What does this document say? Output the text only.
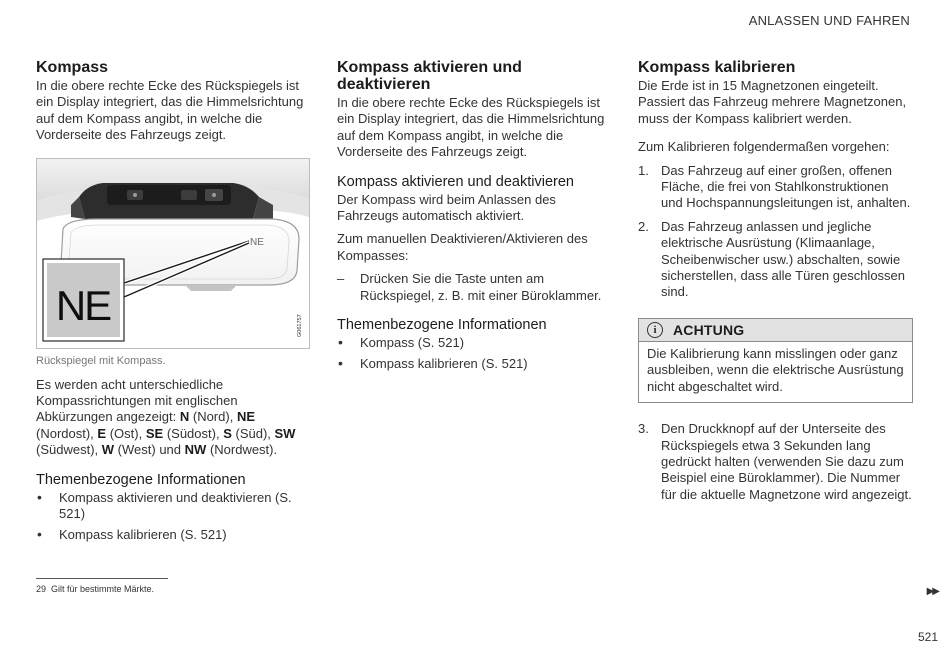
ANLASSEN UND FAHREN
Kompass

In die obere rechte Ecke des Rückspiegels ist ein Display integriert, das die Himmelsrichtung auf dem Kompass angibt, in welche die Vorderseite des Fahrzeugs zeigt.

NE
NE	G061757
Rückspiegel mit Kompass.

Es werden acht unterschiedliche Kompassrichtungen mit englischen Abkürzungen angezeigt: N (Nord), NE (Nordost), E (Ost), SE (Südost), S (Süd), SW (Südwest), W (West) und NW (Nordwest).

Themenbezogene Informationen
• Kompass aktivieren und deaktivieren (S. 521)
• Kompass kalibrieren (S. 521)
Kompass aktivieren und deaktivieren

In die obere rechte Ecke des Rückspiegels ist ein Display integriert, das die Himmelsrichtung auf dem Kompass angibt, in welche die Vorderseite des Fahrzeugs zeigt.

Kompass aktivieren und deaktivieren

Der Kompass wird beim Anlassen des Fahrzeugs automatisch aktiviert.

Zum manuellen Deaktivieren/Aktivieren des Kompasses:

– Drücken Sie die Taste unten am Rückspiegel, z. B. mit einer Büroklammer.
Themenbezogene Informationen
• Kompass (S. 521)
• Kompass kalibrieren (S. 521)
Kompass kalibrieren

Die Erde ist in 15 Magnetzonen eingeteilt. Passiert das Fahrzeug mehrere Magnetzonen, muss der Kompass kalibriert werden.

Zum Kalibrieren folgendermaßen vorgehen:

1. Das Fahrzeug auf einer großen, offenen Fläche, die frei von Stahlkonstruktionen und Hochspannungsleitungen ist, anhalten.
2. Das Fahrzeug anlassen und jegliche elektrische Ausrüstung (Klimaanlage, Scheibenwischer usw.) abschalten, sowie sicherstellen, dass alle Türen geschlossen sind.
i	ACHTUNG
Die Kalibrierung kann misslingen oder ganz ausbleiben, wenn die elektrische Ausrüstung nicht abgeschaltet wird.
3. Den Druckknopf auf der Unterseite des Rückspiegels etwa 3 Sekunden lang gedrückt halten (verwenden Sie dazu zum Beispiel eine Büroklammer). Die Nummer für die aktuelle Magnetzone wird angezeigt.
29 Gilt für bestimmte Märkte.	▶▶
521
